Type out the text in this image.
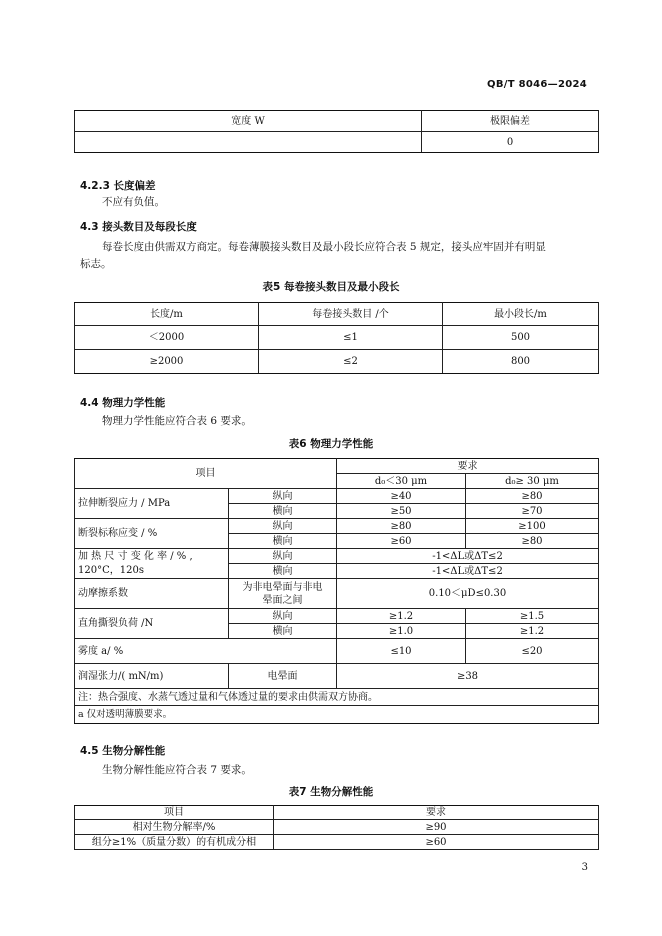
QB/T 8046—2024
宽度 W	极限偏差
	0
4.2.3 长度偏差
不应有负值。
4.3 接头数目及每段长度
每卷长度由供需双方商定。每卷薄膜接头数目及最小段长应符合表 5 规定，接头应牢固并有明显
标志。
表5 每卷接头数目及最小段长
长度/m	每卷接头数目 /个	最小段长/m
＜2000	≤1	500
≥2000	≤2	800
4.4 物理力学性能
物理力学性能应符合表 6 要求。
表6 物理力学性能
项目		要求	
		d₀＜30 μm	d₀≥ 30 μm
拉伸断裂应力 / MPa	纵向	≥40	≥80
	横向	≥50	≥70
断裂标称应变 / %	纵向	≥80	≥100
	横向	≥60	≥80

加 热 尺 寸 变 化 率 / % ,
120°C，120s	纵向	-1<ΔL或ΔT≤2	
	横向	-1<ΔL或ΔT≤2	
动摩擦系数	为非电晕面与非电
晕面之间	0.10＜μD≤0.30	
直角撕裂负荷 /N	纵向	≥1.2	≥1.5
	横向	≥1.0	≥1.2
雾度 a/ %		≤10	≤20
润湿张力/( mN/m)	电晕面	≥38	
注：热合强度、水蒸气透过量和气体透过量的要求由供需双方协商。			
a 仅对透明薄膜要求。			
4.5 生物分解性能
生物分解性能应符合表 7 要求。
表7 生物分解性能
项目	要求
相对生物分解率/%	≥90
组分≥1%（质量分数）的有机成分相	≥60
3
